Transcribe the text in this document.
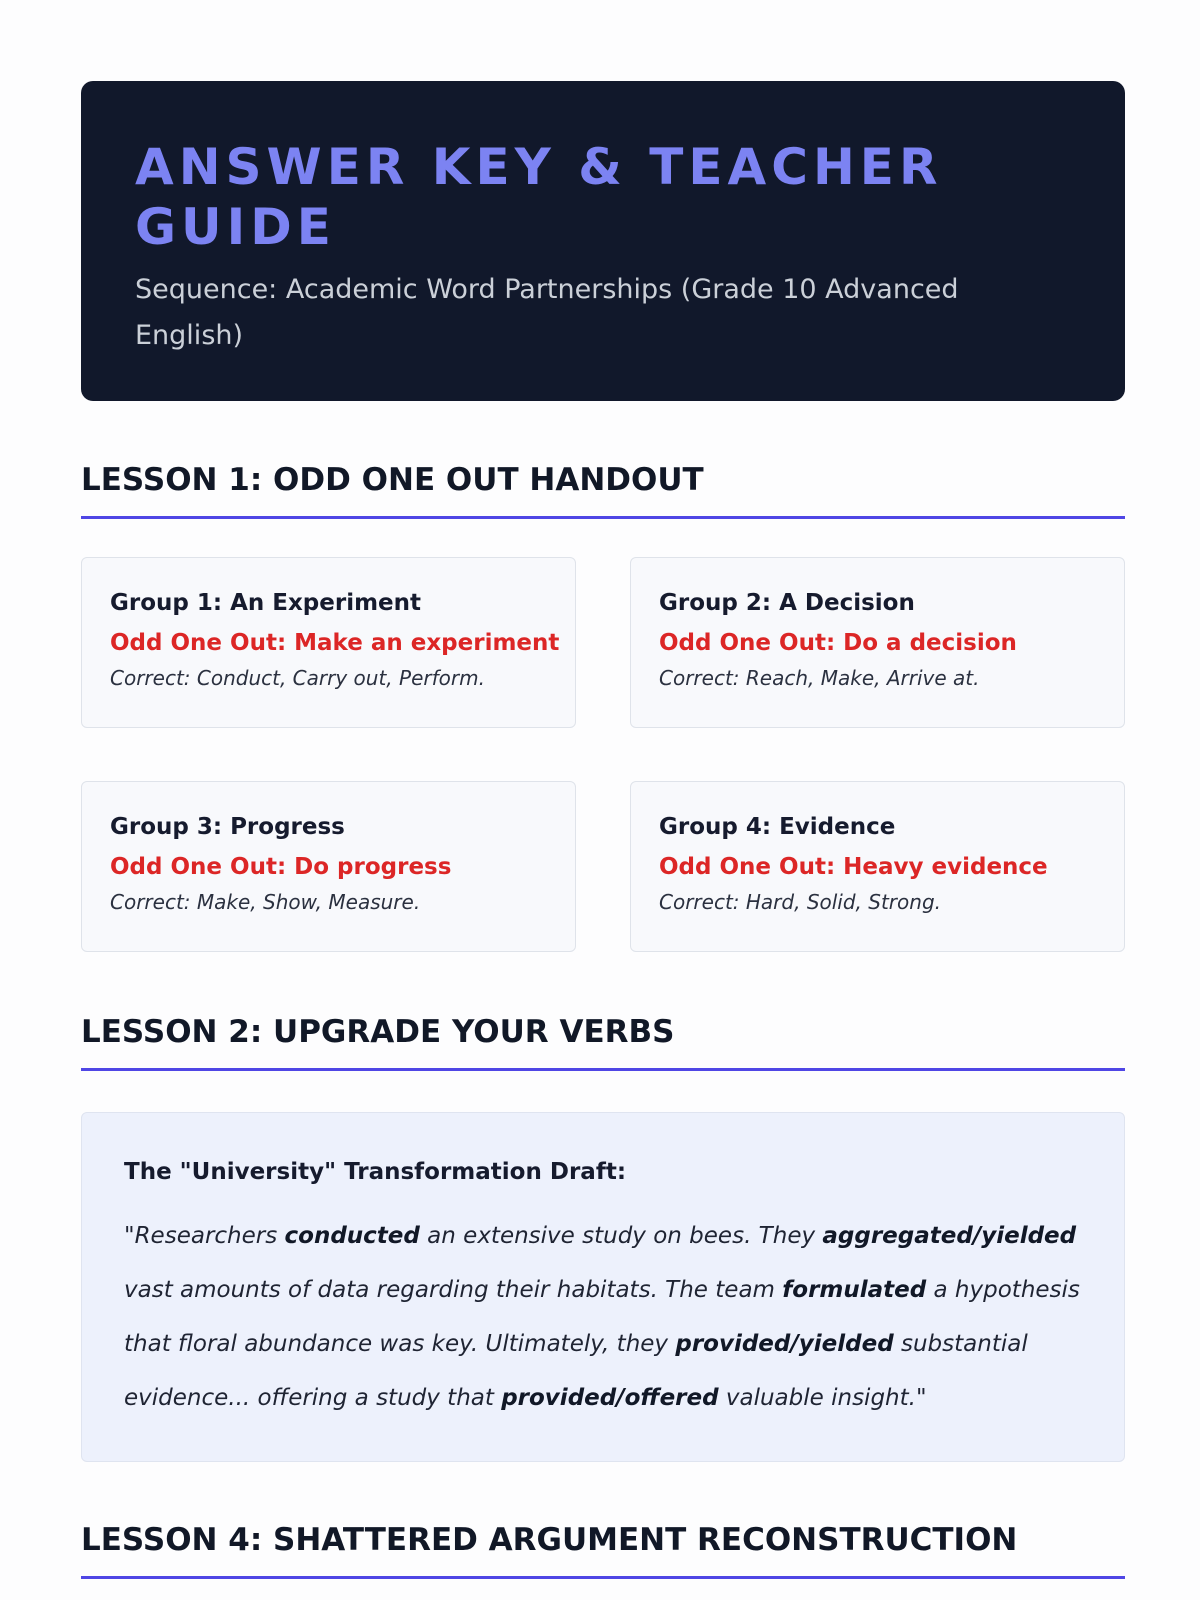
ANSWER KEY & TEACHER GUIDE

Sequence: Academic Word Partnerships (Grade 10 Advanced English)

LESSON 1: ODD ONE OUT HANDOUT
Group 1: An Experiment
Odd One Out: Make an experiment
Correct: Conduct, Carry out, Perform.
Group 2: A Decision
Odd One Out: Do a decision
Correct: Reach, Make, Arrive at.
Group 3: Progress
Odd One Out: Do progress
Correct: Make, Show, Measure.
Group 4: Evidence
Odd One Out: Heavy evidence
Correct: Hard, Solid, Strong.
LESSON 2: UPGRADE YOUR VERBS
The "University" Transformation Draft:
"Researchers conducted an extensive study on bees. They aggregated/yielded vast amounts of data regarding their habitats. The team formulated a hypothesis that floral abundance was key. Ultimately, they provided/yielded substantial evidence... offering a study that provided/offered valuable insight."
LESSON 4: SHATTERED ARGUMENT RECONSTRUCTION
